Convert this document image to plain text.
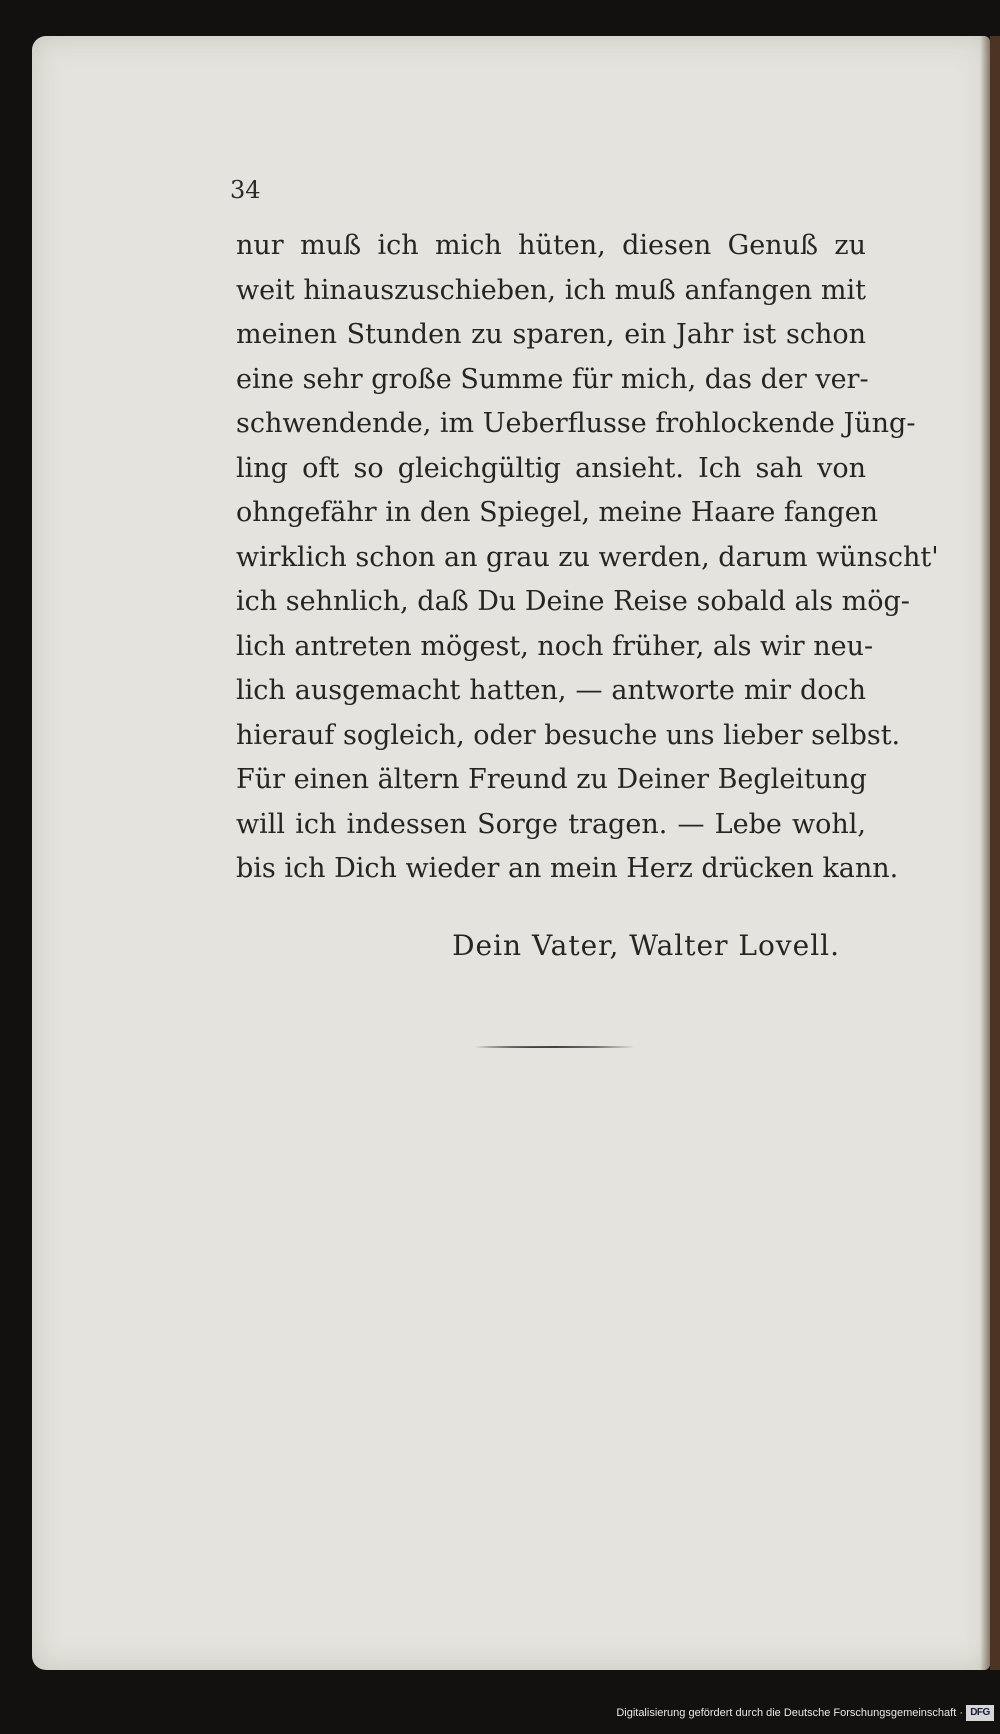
34
nur muß ich mich hüten, diesen Genuß zu
weit hinauszuschieben, ich muß anfangen mit
meinen Stunden zu sparen, ein Jahr ist schon
eine sehr große Summe für mich, das der ver-
schwendende, im Ueberflusse frohlockende Jüng-
ling oft so gleichgültig ansieht. Ich sah von
ohngefähr in den Spiegel, meine Haare fangen
wirklich schon an grau zu werden, darum wünscht'
ich sehnlich, daß Du Deine Reise sobald als mög-
lich antreten mögest, noch früher, als wir neu-
lich ausgemacht hatten, — antworte mir doch
hierauf sogleich, oder besuche uns lieber selbst.
Für einen ältern Freund zu Deiner Begleitung
will ich indessen Sorge tragen. — Lebe wohl,
bis ich Dich wieder an mein Herz drücken kann.
Dein Vater, Walter Lovell.
Digitalisierung gefördert durch die Deutsche Forschungsgemeinschaft · DFG
